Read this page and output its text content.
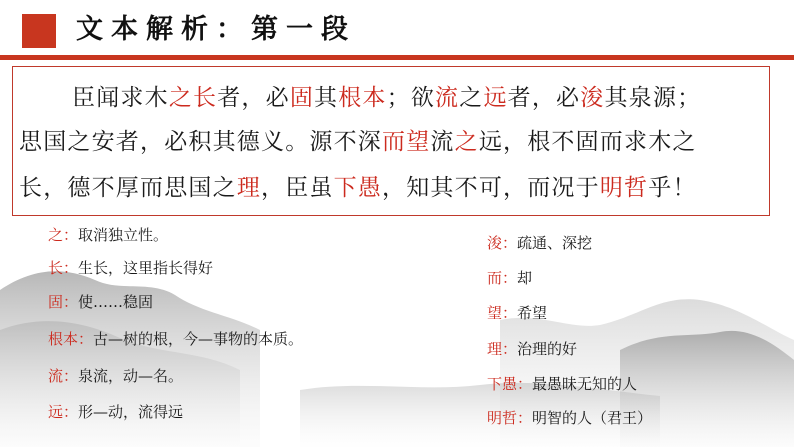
文本解析：第一段
臣闻求木之长者，必固其根本；欲流之远者，必浚其泉源；
思国之安者，必积其德义。源不深而望流之远，根不固而求木之
长，德不厚而思国之理，臣虽下愚，知其不可，而况于明哲乎！
之：取消独立性。
长：生长，这里指长得好
固：使……稳固
根本：古—树的根，今—事物的本质。
流：泉流，动—名。
远：形—动，流得远
浚：疏通、深挖
而：却
望：希望
理：治理的好
下愚：最愚昧无知的人
明哲：明智的人（君王）
